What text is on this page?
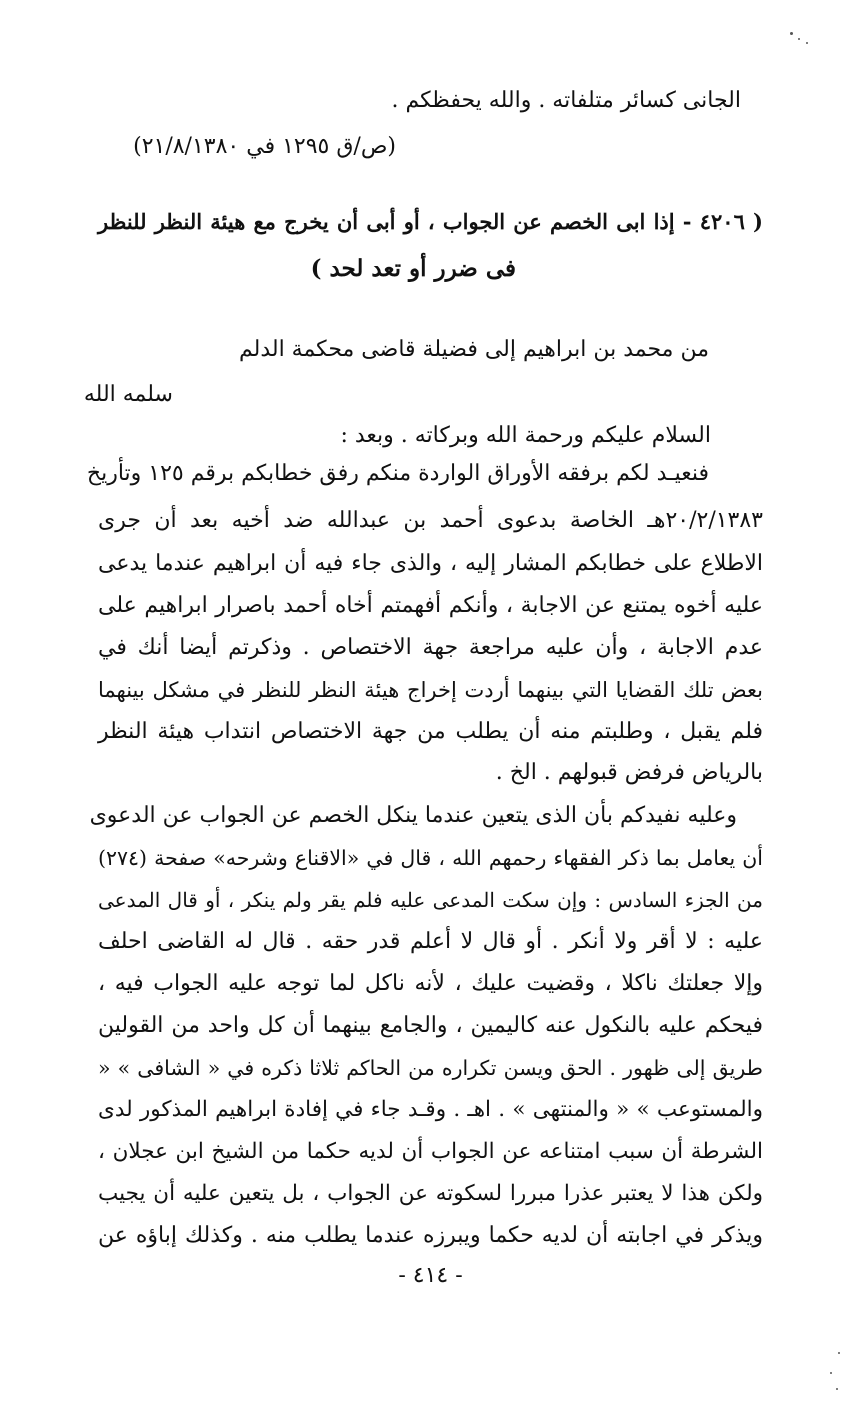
الجانى كسائر متلفاته . والله يحفظكم .
(ص/ق ١٢٩٥ في ٢١/٨/١٣٨٠)
( ٤٢٠٦ - إذا ابى الخصم عن الجواب ، أو أبى أن يخرج مع هيئة النظر للنظر
فى ضرر أو تعد لحد )
من محمد بن ابراهيم إلى فضيلة قاضى محكمة الدلم
سلمه الله
السلام عليكم ورحمة الله وبركاته . وبعد :
فنعيـد لكم برفقه الأوراق الواردة منكم رفق خطابكم برقم ١٢٥ وتأريخ
٢٠/٢/١٣٨٣هـ الخاصة بدعوى أحمد بن عبدالله ضد أخيه بعد أن جرى
الاطلاع على خطابكم المشار إليه ، والذى جاء فيه أن ابراهيم عندما يدعى
عليه أخوه يمتنع عن الاجابة ، وأنكم أفهمتم أخاه أحمد باصرار ابراهيم على
عدم الاجابة ، وأن عليه مراجعة جهة الاختصاص . وذكرتم أيضا أنك في
بعض تلك القضايا التي بينهما أردت إخراج هيئة النظر للنظر في مشكل بينهما
فلم يقبل ، وطلبتم منه أن يطلب من جهة الاختصاص انتداب هيئة النظر
بالرياض فرفض قبولهم . الخ .
وعليه نفيدكم بأن الذى يتعين عندما ينكل الخصم عن الجواب عن الدعوى
أن يعامل بما ذكر الفقهاء رحمهم الله ، قال في «الاقناع وشرحه» صفحة (٢٧٤)
من الجزء السادس : وإن سكت المدعى عليه فلم يقر ولم ينكر ، أو قال المدعى
عليه : لا أقر ولا أنكر . أو قال لا أعلم قدر حقه . قال له القاضى احلف
وإلا جعلتك ناكلا ، وقضيت عليك ، لأنه ناكل لما توجه عليه الجواب فيه ،
فيحكم عليه بالنكول عنه كاليمين ، والجامع بينهما أن كل واحد من القولين
طريق إلى ظهور . الحق ويسن تكراره من الحاكم ثلاثا ذكره في « الشافى » «
والمستوعب » « والمنتهى » . اهـ . وقـد جاء في إفادة ابراهيم المذكور لدى
الشرطة أن سبب امتناعه عن الجواب أن لديه حكما من الشيخ ابن عجلان ،
ولكن هذا لا يعتبر عذرا مبررا لسكوته عن الجواب ، بل يتعين عليه أن يجيب
ويذكر في اجابته أن لديه حكما ويبرزه عندما يطلب منه . وكذلك إباؤه عن
- ٤١٤ -
